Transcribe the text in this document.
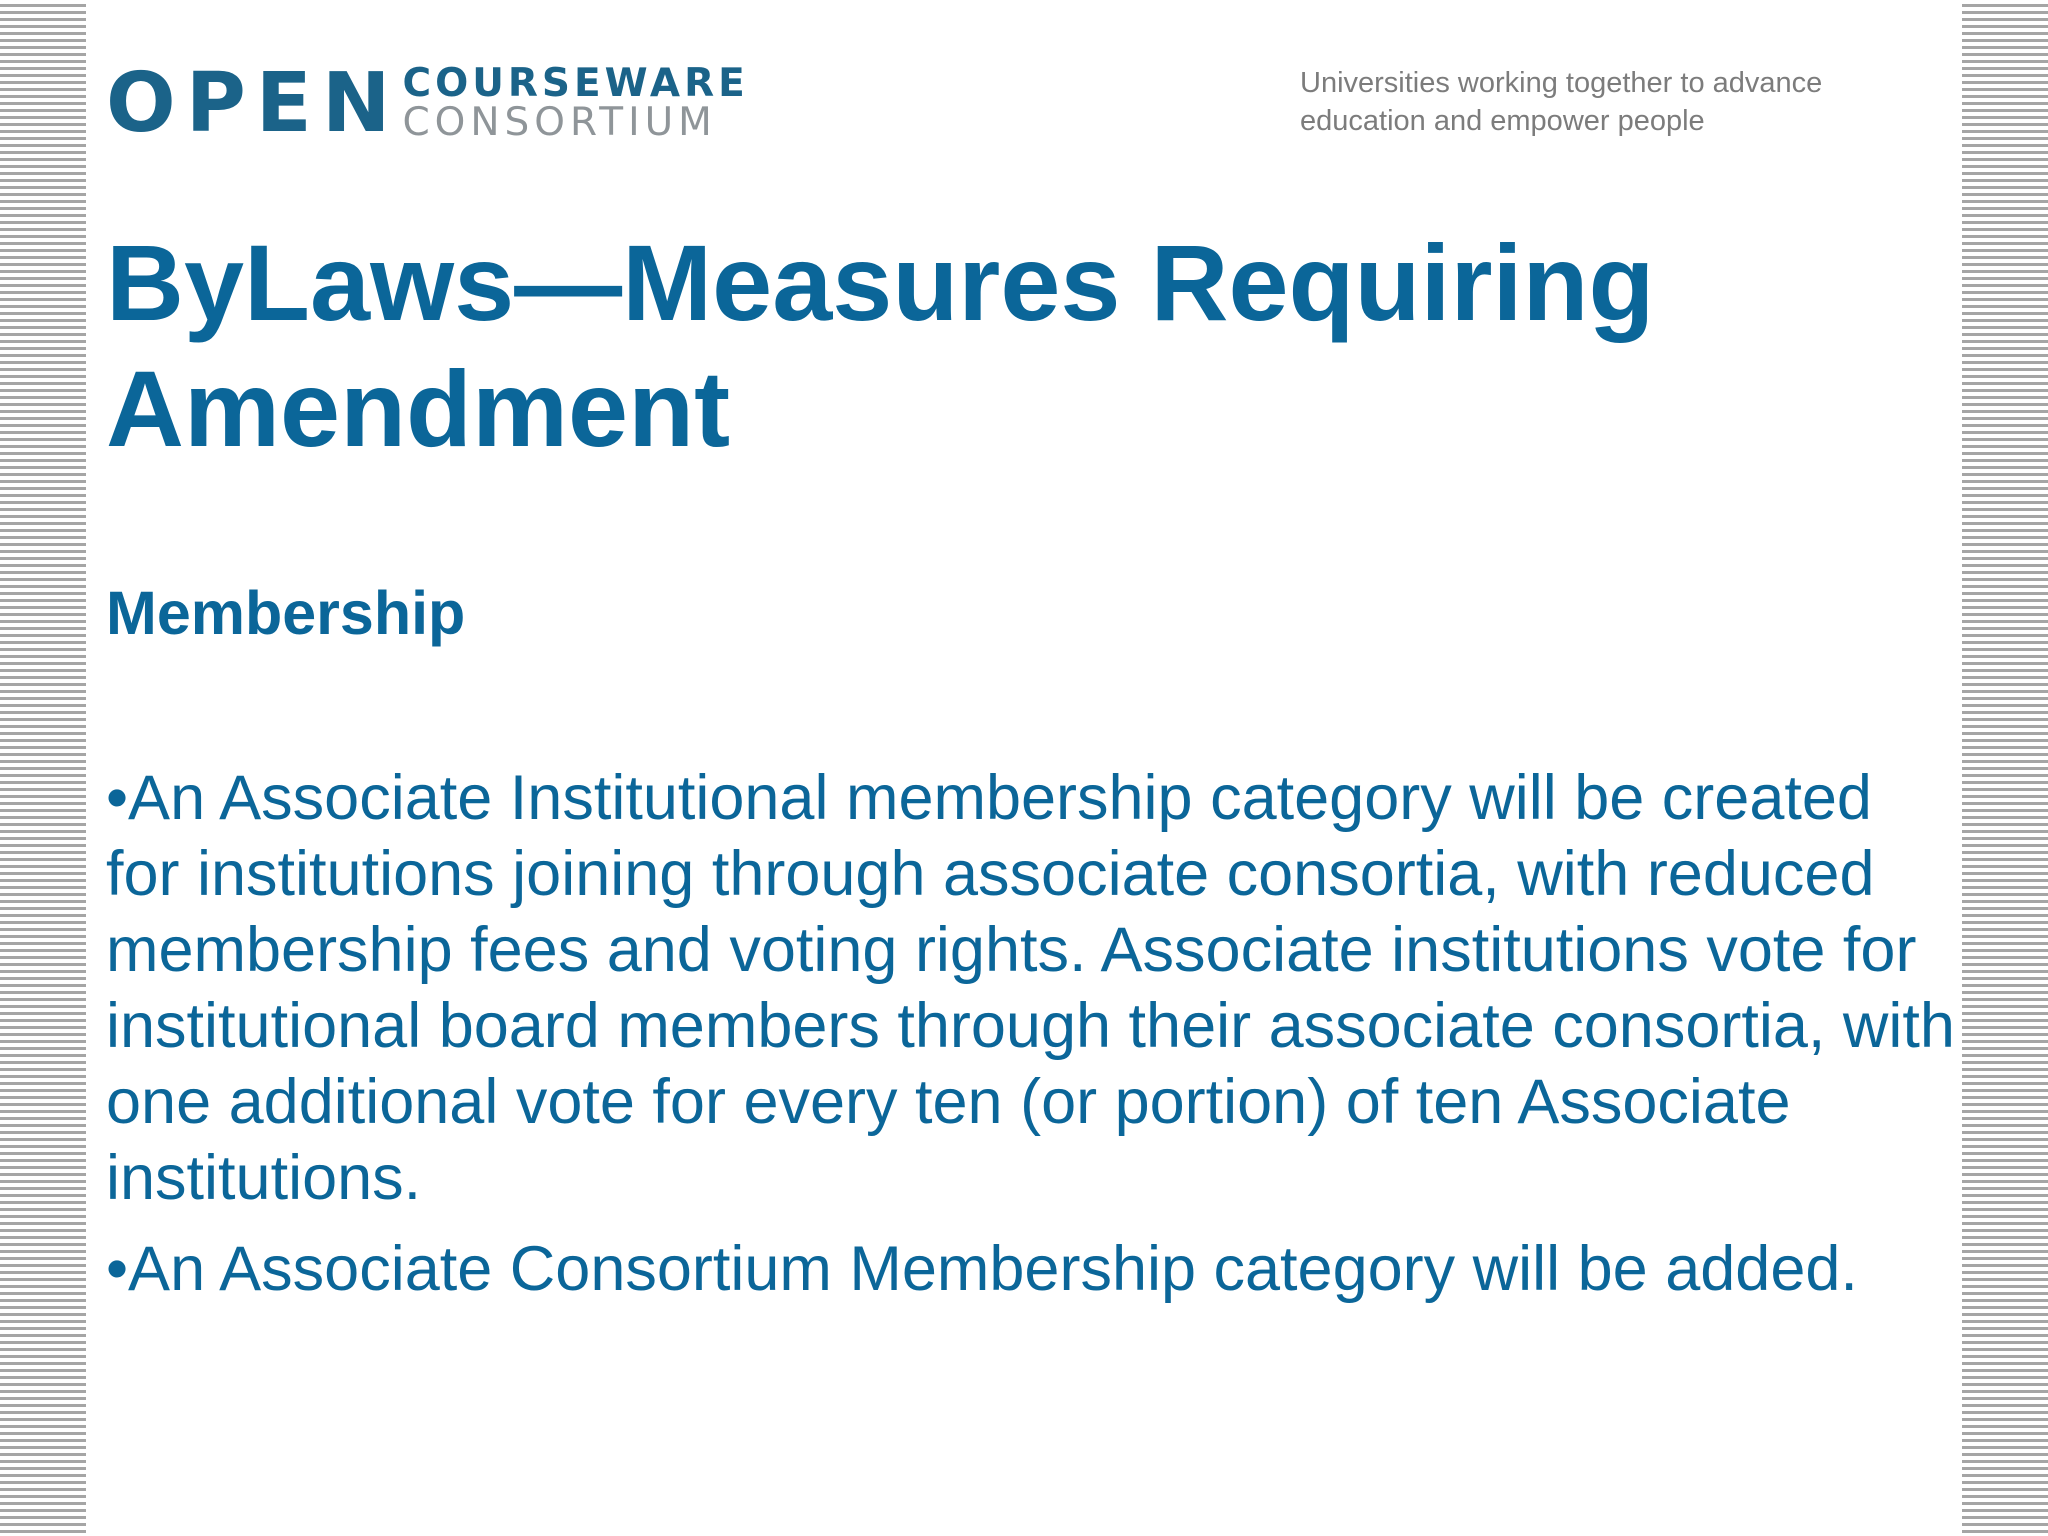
OPEN COURSEWARE
CONSORTIUM

Universities working together to advance education and empower people

ByLaws—Measures Requiring Amendment
Membership
•An Associate Institutional membership category will be created for institutions joining through associate consortia, with reduced membership fees and voting rights. Associate institutions vote for institutional board members through their associate consortia, with one additional vote for every ten (or portion) of ten Associate institutions.
•An Associate Consortium Membership category will be added.
